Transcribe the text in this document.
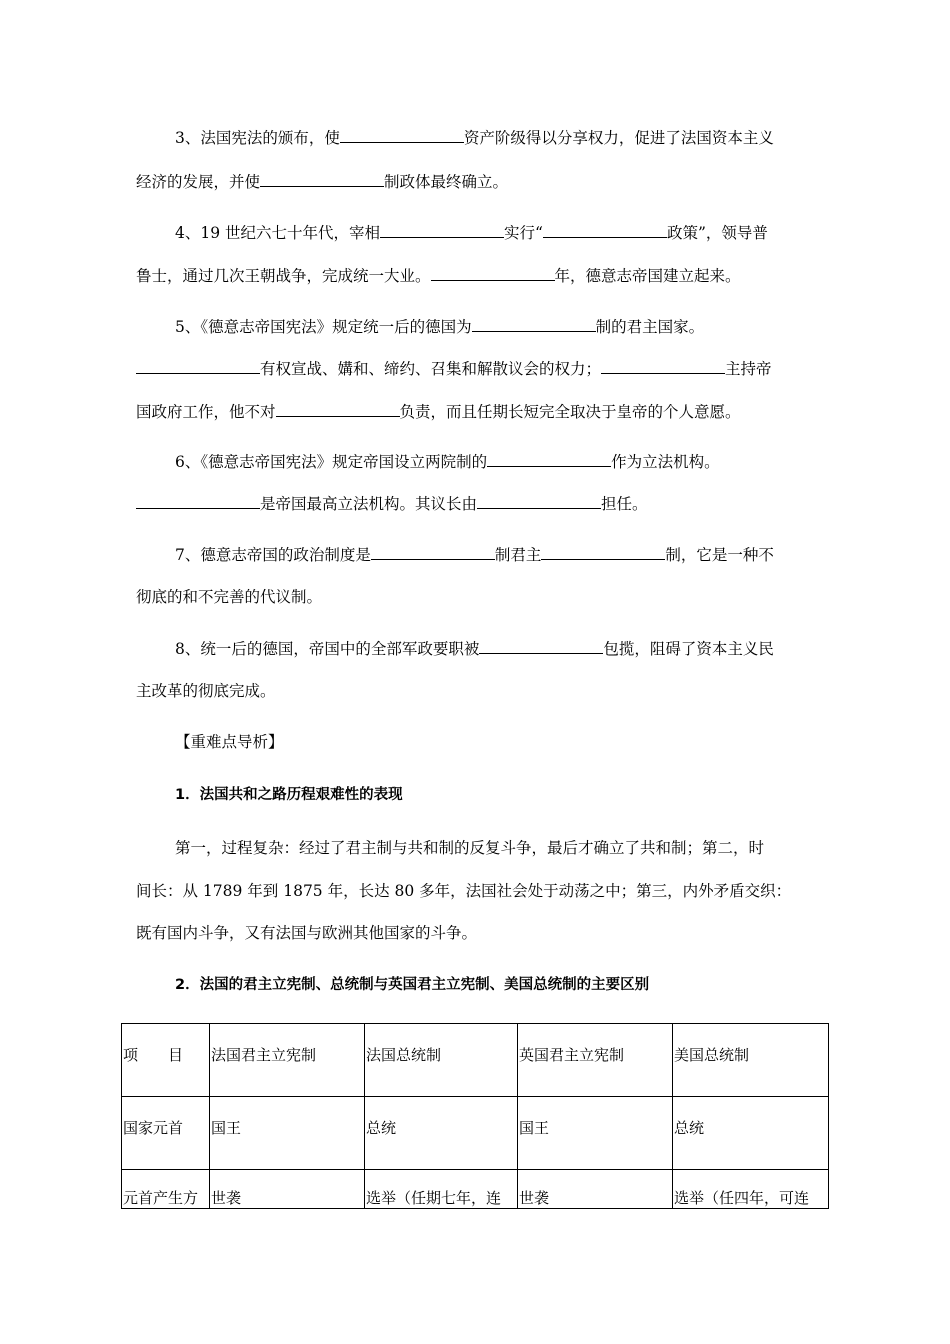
3、法国宪法的颁布，使	资产阶级得以分享权力，促进了法国资本主义
经济的发展，并使	制政体最终确立。
4、19 世纪六七十年代，宰相	实行“	政策”，领导普
鲁士，通过几次王朝战争，完成统一大业。	年，德意志帝国建立起来。
5、《德意志帝国宪法》规定统一后的德国为	制的君主国家。
有权宣战、媾和、缔约、召集和解散议会的权力；	主持帝
国政府工作，他不对	负责，而且任期长短完全取决于皇帝的个人意愿。
6、《德意志帝国宪法》规定帝国设立两院制的	作为立法机构。
是帝国最高立法机构。其议长由	担任。
7、德意志帝国的政治制度是	制君主	制，它是一种不
彻底的和不完善的代议制。
8、统一后的德国，帝国中的全部军政要职被	包揽，阻碍了资本主义民
主改革的彻底完成。
【重难点导析】
1．法国共和之路历程艰难性的表现
第一，过程复杂：经过了君主制与共和制的反复斗争，最后才确立了共和制；第二，时
间长：从 1789 年到 1875 年，长达 80 多年，法国社会处于动荡之中；第三，内外矛盾交织：
既有国内斗争，又有法国与欧洲其他国家的斗争。
2．法国的君主立宪制、总统制与英国君主立宪制、美国总统制的主要区别
项　　目	法国君主立宪制	法国总统制	英国君主立宪制	美国总统制
国家元首	国王	总统	国王	总统
元首产生方	世袭	选举（任期七年，连	世袭	选举（任四年，可连
